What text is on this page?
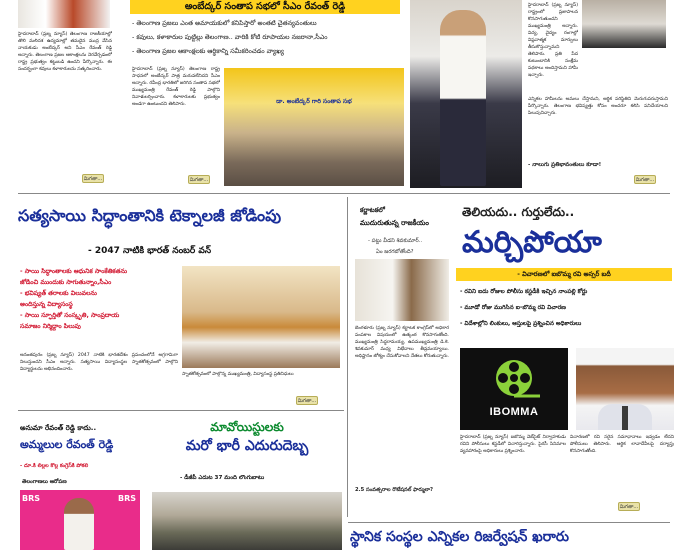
హైదరాబాద్ (ప్రజ్న న్యూస్) తెలంగాణ రాజకీయాల్లో తొలి మలిదశ ఉద్యమాల్లో తమదైన ముద్ర వేసిన నాయకుడు అంబేద్కర్ అని సీఎం రేవంత్ రెడ్డి అన్నారు. తెలంగాణ ప్రజల ఆకాంక్షలను నెరవేర్చడంలో రాష్ట్ర ప్రభుత్వం కట్టుబడి ఉందని పేర్కొన్నారు. ఈ సందర్భంగా కవులు కళాకారులను సత్కరించారు.
మిగతా...
అంబేద్కర్ సంతాప సభలో సీఎం రేవంత్ రెడ్డి
- తెలంగాణ ప్రజలు ఎంత అమాయకులో కనిపిస్తారో అంతటి చైతన్యవంతులు
- కవులు, కళాకారుల పుట్టిల్లు తెలంగాణ.. వారికి కోటి రూపాయల నజరానా,సీఎం
- తెలంగాణ ప్రజల ఆకాంక్షలకు ఆర్థికాన్ని సమీకరించడం వ్యాఖ్య
హైదరాబాద్ (ప్రజ్న న్యూస్) తెలంగాణ రాష్ట్ర సాధనలో అంబేద్కర్ పాత్ర మరువలేనిదని సీఎం అన్నారు. రవీంద్ర భారతిలో జరిగిన సంతాప సభలో ముఖ్యమంత్రి రేవంత్ రెడ్డి పాల్గొని నివాళులర్పించారు. కళాకారులకు ప్రభుత్వం అండగా ఉంటుందని తెలిపారు.
మిగతా...
డా. అంబేద్కర్ గారి సంతాప సభ
హైదరాబాద్ (ప్రజ్న న్యూస్) రాష్ట్రంలో ప్రజాపాలన కొనసాగుతుందని ముఖ్యమంత్రి అన్నారు. విద్య, వైద్యం రంగాల్లో విప్లవాత్మక మార్పులు తీసుకొస్తున్నామని తెలిపారు. ప్రతి పేద కుటుంబానికి సంక్షేమ పథకాలు అందిస్తామని హామీ ఇచ్చారు.
ఎన్నికల హామీలను అమలు చేస్తామని, ఆర్థిక పరిస్థితిని మెరుగుపరుస్తామని పేర్కొన్నారు. తెలంగాణ భవిష్యత్తు కోసం అందరూ కలిసి పనిచేయాలని పిలుపునిచ్చారు.
- నాలుగు ప్రతిభావంతులు కూడా!
మిగతా...
సత్యసాయి సిద్ధాంతానికి టెక్నాలజీ జోడింపు
- 2047 నాటికి భారత్ నంబర్ వన్
- సాయి సిద్ధాంతాలకు ఆధునిక సాంకేతికతను
జోడించి ముందుకు సాగుతున్నాం,సీఎం
- భవిష్యత్ తరాలకు విలువలను
అందిస్తున్న విద్యాసంస్థ
- సాయి స్ఫూర్తితో సంస్కృతి, సాంప్రదాయ
సమాజం నిర్మిద్దాం పిలుపు
స్నాతకోత్సవంలో పాల్గొన్న ముఖ్యమంత్రి, విద్యాసంస్థ ప్రతినిధులు
అనంతపురం (ప్రజ్న న్యూస్) 2047 నాటికి భారతదేశం ప్రపంచంలోనే అగ్రగామిగా నిలుస్తుందని సీఎం అన్నారు. సత్యసాయి విద్యాసంస్థల స్నాతకోత్సవంలో పాల్గొని విద్యార్థులను అభినందించారు.
మిగతా...
కర్ణాటకలో
ముదురుతున్న రాజకీయం
- పట్టు వీడని శివకుమార్..
ఏం జరగబోతోంది?
బెంగళూరు (ప్రజ్న న్యూస్) కర్ణాటక కాంగ్రెస్‌లో అధికార పంపకాల విషయంలో ఉత్కంఠ కొనసాగుతోంది. ముఖ్యమంత్రి సిద్ధరామయ్య, ఉపముఖ్యమంత్రి డి.కె. శివకుమార్ మధ్య విభేదాలు తీవ్రమయ్యాయి. అధిష్టానం జోక్యం చేసుకోవాలని నేతలు కోరుతున్నారు.
2.5 సంవత్సరాల రొటేషనల్ ఫార్ములా?
తెలియదు.. గుర్తులేదు..
మర్చిపోయా
- విచారణలో ఐబొమ్మ రవి అస్సర్ బదీ
- రవిని ఐదు రోజుల పోలీసు కస్టడీకి ఇచ్చిన నాంపల్లి కోర్టు
- మూడో రోజు ముగిసిన ఐ-బొమ్మ రవి విచారణ
- విదేశాల్లోని లింకులు, ఆస్తులపై ప్రశ్నించిన అధికారులు
IBOMMA
హైదరాబాద్ (ప్రజ్న న్యూస్) ఐబొమ్మ వెబ్‌సైట్ నిర్వాహకుడు రవిని పోలీసులు కస్టడీలో విచారిస్తున్నారు. పైరసీ సినిమాల వ్యవహారంపై అధికారులు ప్రశ్నించారు.
విచారణలో రవి సరైన సమాధానాలు ఇవ్వడం లేదని పోలీసులు తెలిపారు. ఆర్థిక లావాదేవీలపై దర్యాప్తు కొనసాగుతోంది.
మిగతా...
అనుమా రేవంత్ రెడ్డి కాదు..
అమ్మలుల రేవంత్ రెడ్డి
- దూ.కి లిల్లల కొల్ల కంగ్రెస్‌కి పోకలి
తెలంగాణలు ఆరోపణ
BRS	BRS
మావోయిస్టులకు
మరో భారీ ఎదురుదెబ్బ
- డీజీపీ ఎదుట 37 మంది లొంగుబాటు
స్థానిక సంస్థల ఎన్నికల రిజర్వేషన్ ఖరారు
